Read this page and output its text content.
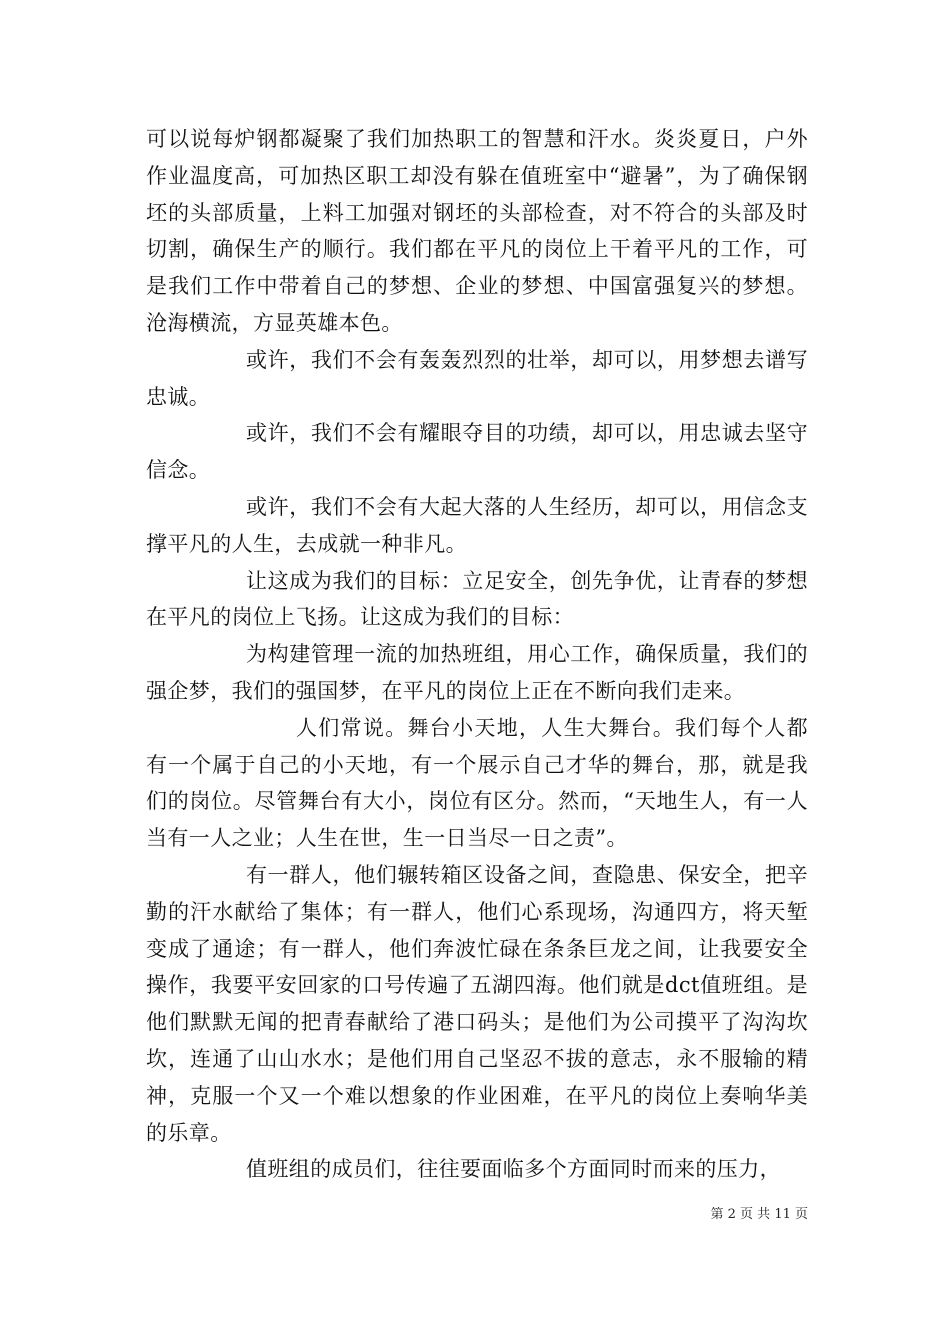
可以说每炉钢都凝聚了我们加热职工的智慧和汗水。炎炎夏日，户外作业温度高，可加热区职工却没有躲在值班室中“避暑”，为了确保钢坯的头部质量，上料工加强对钢坯的头部检查，对不符合的头部及时切割，确保生产的顺行。我们都在平凡的岗位上干着平凡的工作，可是我们工作中带着自己的梦想、企业的梦想、中国富强复兴的梦想。沧海横流，方显英雄本色。

或许，我们不会有轰轰烈烈的壮举，却可以，用梦想去谱写忠诚。

或许，我们不会有耀眼夺目的功绩，却可以，用忠诚去坚守信念。

或许，我们不会有大起大落的人生经历，却可以，用信念支撑平凡的人生，去成就一种非凡。

让这成为我们的目标：立足安全，创先争优，让青春的梦想在平凡的岗位上飞扬。让这成为我们的目标：

为构建管理一流的加热班组，用心工作，确保质量，我们的强企梦，我们的强国梦，在平凡的岗位上正在不断向我们走来。

人们常说。舞台小天地，人生大舞台。我们每个人都有一个属于自己的小天地，有一个展示自己才华的舞台，那，就是我们的岗位。尽管舞台有大小，岗位有区分。然而，“天地生人，有一人当有一人之业；人生在世，生一日当尽一日之责”。

有一群人，他们辗转箱区设备之间，查隐患、保安全，把辛勤的汗水献给了集体；有一群人，他们心系现场，沟通四方，将天堑变成了通途；有一群人，他们奔波忙碌在条条巨龙之间，让我要安全操作，我要平安回家的口号传遍了五湖四海。他们就是dct值班组。是他们默默无闻的把青春献给了港口码头；是他们为公司摸平了沟沟坎坎，连通了山山水水；是他们用自己坚忍不拔的意志，永不服输的精神，克服一个又一个难以想象的作业困难，在平凡的岗位上奏响华美的乐章。

值班组的成员们，往往要面临多个方面同时而来的压力，

第 2 页 共 11 页
